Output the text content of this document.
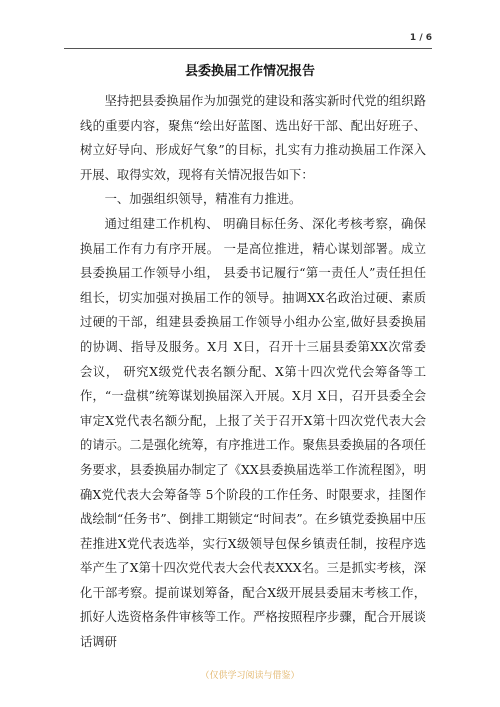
1 / 6
县委换届工作情况报告

坚持把县委换届作为加强党的建设和落实新时代党的组织路线的重要内容，聚焦“绘出好蓝图、选出好干部、配出好班子、树立好导向、形成好气象”的目标，扎实有力推动换届工作深入开展、取得实效，现将有关情况报告如下：

一、加强组织领导，精准有力推进。

通过组建工作机构、 明确目标任务、深化考核考察，确保换届工作有力有序开展。 一是高位推进，精心谋划部署。成立县委换届工作领导小组， 县委书记履行“第一责任人”责任担任组长，切实加强对换届工作的领导。抽调XX名政治过硬、素质过硬的干部，组建县委换届工作领导小组办公室,做好县委换届的协调、指导及服务。X月 X日，召开十三届县委第XX次常委会议， 研究X级党代表名额分配、X第十四次党代会筹备等工作，“一盘棋”统筹谋划换届深入开展。X月 X日，召开县委全会审定X党代表名额分配，上报了关于召开X第十四次党代表大会的请示。二是强化统筹，有序推进工作。聚焦县委换届的各项任务要求，县委换届办制定了《XX县委换届选举工作流程图》，明确X党代表大会筹备等 5个阶段的工作任务、时限要求，挂图作战绘制“任务书”、倒排工期锁定“时间表”。在乡镇党委换届中压茬推进X党代表选举，实行X级领导包保乡镇责任制，按程序选举产生了X第十四次党代表大会代表XXX名。三是抓实考核，深化干部考察。提前谋划筹备，配合X级开展县委届末考核工作，抓好人选资格条件审核等工作。严格按照程序步骤，配合开展谈话调研

（仅供学习阅读与借鉴）
